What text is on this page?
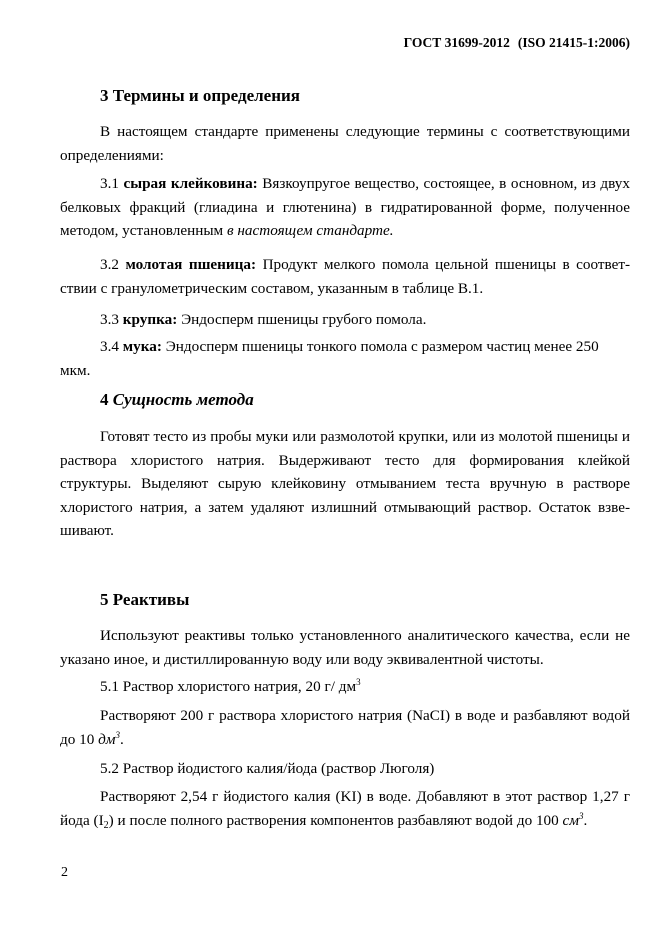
ГОСТ 31699-2012 (ISO 21415-1:2006)
3 Термины и определения

В настоящем стандарте применены следующие термины с соответствующими определениями:

3.1 сырая клейковина: Вязкоупругое вещество, состоящее, в основном, из двух белковых фракций (глиадина и глютенина) в гидратированной форме, полученное методом, установленным в настоящем стандарте.

3.2 молотая пшеница: Продукт мелкого помола цельной пшеницы в соответствии с гранулометрическим составом, указанным в таблице В.1.

3.3 крупка: Эндосперм пшеницы грубого помола.

3.4 мука: Эндосперм пшеницы тонкого помола с размером частиц менее 250 мкм.

4 Сущность метода

Готовят тесто из пробы муки или размолотой крупки, или из молотой пшеницы и раствора хлористого натрия. Выдерживают тесто для формирования клейкой структуры. Выделяют сырую клейковину отмыванием теста вручную в растворе хлористого натрия, а затем удаляют излишний отмывающий раствор. Остаток взвешивают.

5 Реактивы

Используют реактивы только установленного аналитического качества, если не указано иное, и дистиллированную воду или воду эквивалентной чистоты.

5.1 Раствор хлористого натрия, 20 г/ $дм^3$

Растворяют 200 г раствора хлористого натрия (NaCI) в воде и разбавляют водой до 10 $дм^3$.

5.2 Раствор йодистого калия/йода (раствор Люголя)

Растворяют 2,54 г йодистого калия (KI) в воде. Добавляют в этот раствор 1,27 г йода $(I_2)$ и после полного растворения компонентов разбавляют водой до 100 $см^3$.

2
